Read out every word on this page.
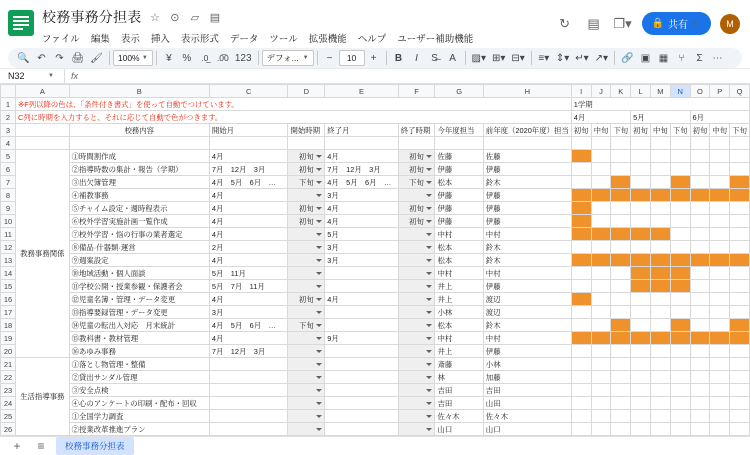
校務事務分担表 ☆ ⊙ ▱ ▤
ファイル 編集 表示 挿入 表示形式 データ ツール 拡張機能 ヘルプ ユーザー補助機能
↻	▤ ❐▾ 🔒 共有 ▼	M
🔍 ↶ ↷ 🖨 🖌	100% ▼	¥	%	.0̲	.0̅0 123	デフォ... ▼	−	10	+	B I	S̶	A	▨▾ ⊞▾ ⊟▾	≡▾ ⇕▾ ↵▾ ↗▾	🔗 ▣ ▦	⑂	Σ ⋯
N32	▼ fx
	A	B	C	D	E	F	G	H	I	J	K	L	M	N	O	P	Q
1	※F列以降の色は、「条件付き書式」を使って自動でつけています。								1学期								
2	C列に時期を入力すると、それに応じて自動で色がつきます。								4月			5月			6月		
3		校務内容	開始月	開始時期	終了月	終了時期	今年度担当	前年度（2020年度）担当	初旬	中旬	下旬	初旬	中旬	下旬	初旬	中旬	下旬
4																	
5	教務事務関係	①時間割作成	4月	初旬	4月	初旬	佐藤	佐藤									
6		②指導時数の集計・報告（学期）	7月　12月　3月	初旬	7月　12月　3月	初旬	伊藤	伊藤									
7		③出欠簿管理	4月　5月　6月　…	下旬	4月　5月　6月　…	下旬	松本	鈴木									
8		④補教事務	4月		3月		伊藤	伊藤									
9		⑤チャイム設定・週時程表示	4月	初旬	4月	初旬	伊藤	伊藤									
10		⑥校外学習実施計画一覧作成	4月	初旬	4月	初旬	伊藤	伊藤									
11		⑦校外学習・悩の行事の業者選定	4月		5月		中村	中村									
12		⑧備品·什器類·運営	2月		3月		松本	鈴木									
13		⑨週案設定	4月		3月		松本	鈴木									
14		⑩地域活動・個人面談	5月　11月				中村	中村									
15		⑪学校公開・授業参観・保護者会	5月　7月　11月				井上	伊藤									
16		⑫児童名簿・管理・データ変更	4月	初旬	4月		井上	渡辺									
17		⑬指導要録管理・データ変更	3月				小林	渡辺									
18		⑭児童の転出入対応　月末統計	4月　5月　6月　…	下旬			松本	鈴木									
19		⑮教科書・教材管理	4月		9月		中村	中村									
20		⑯あゆみ事務	7月　12月　3月				井上	伊藤									
21	生活指導事務	①落とし物管理・整備					斎藤	小林									
22		②貸出サンダル管理					林	加藤									
23		③安全点検					吉田	吉田									
24		④心のアンケートの印刷・配布・回収					吉田	山田									
25		①全国学力調査					佐々木	佐々木									
26		②授業改革推進プラン					山口	山口									
+	≡	校務事務分担表
